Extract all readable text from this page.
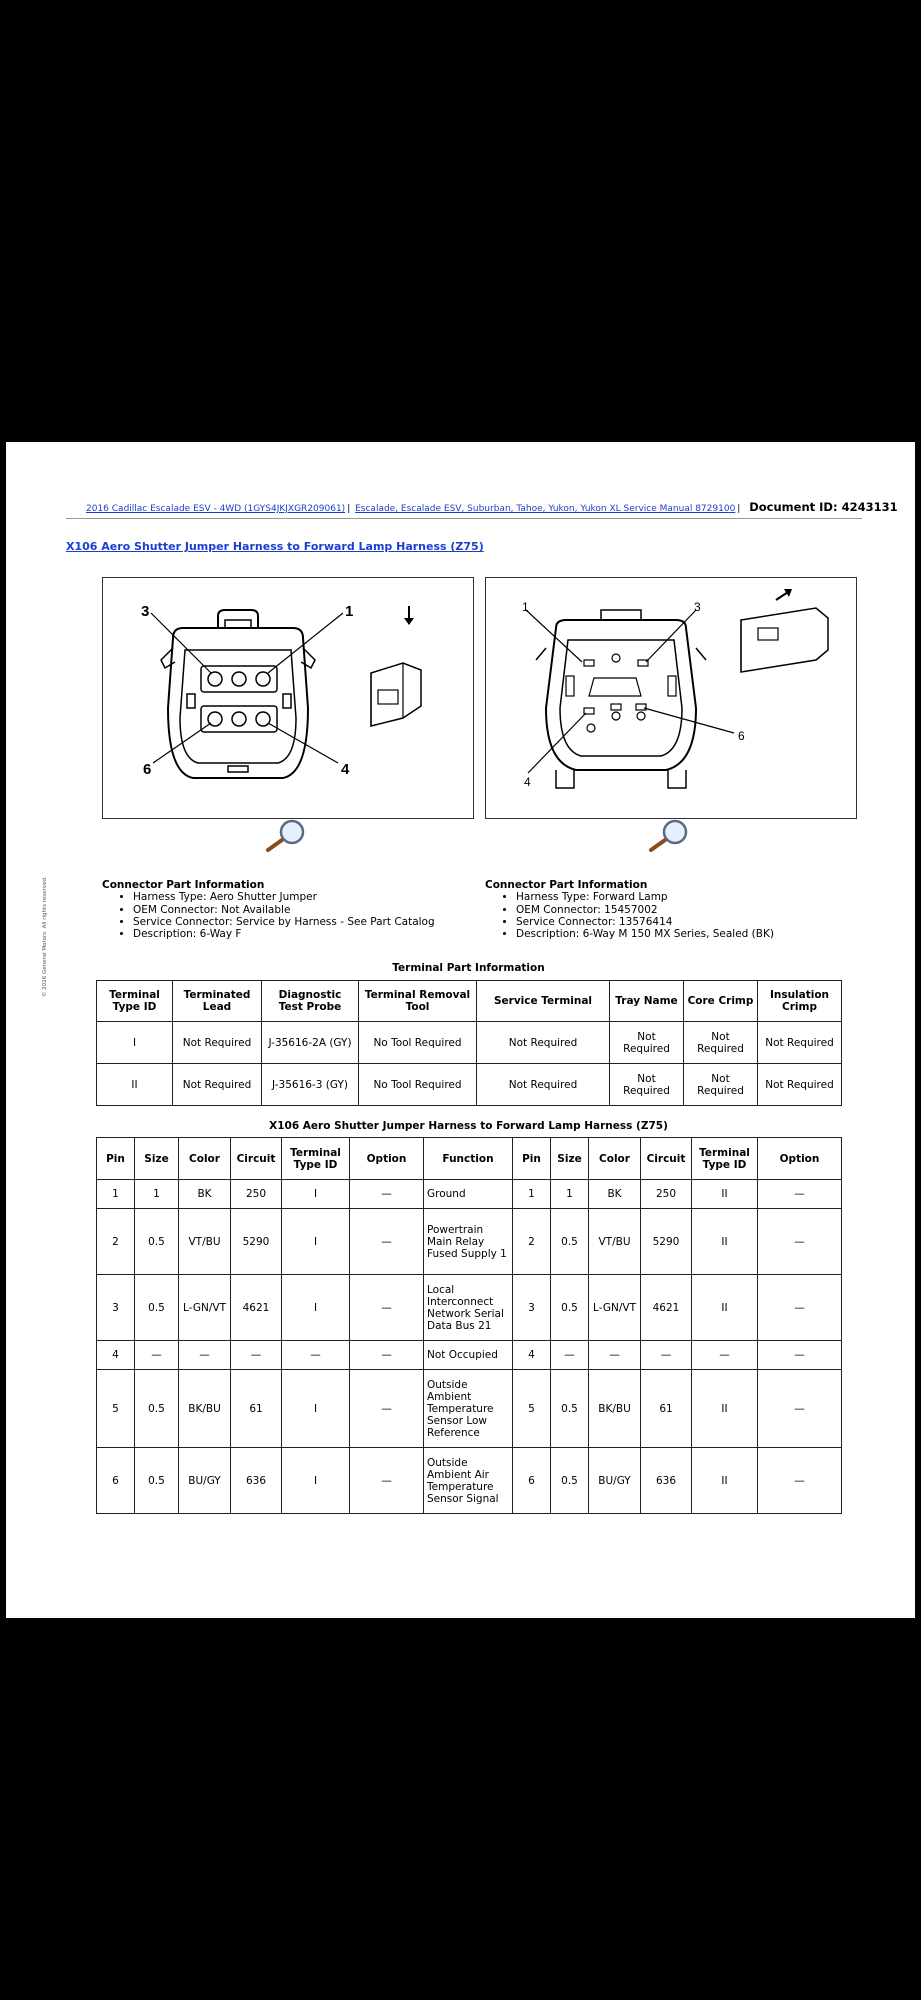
2016 Cadillac Escalade ESV - 4WD (1GYS4JKJXGR209061) | Escalade, Escalade ESV, Suburban, Tahoe, Yukon, Yukon XL Service Manual 8729100 | Document ID: 4243131
X106 Aero Shutter Jumper Harness to Forward Lamp Harness (Z75)
© 2026 General Motors. All rights reserved.
3	1
6	4
1	3
6
4
Connector Part Information
• Harness Type: Aero Shutter Jumper
• OEM Connector: Not Available
• Service Connector: Service by Harness - See Part Catalog
• Description: 6-Way F
Connector Part Information
• Harness Type: Forward Lamp
• OEM Connector: 15457002
• Service Connector: 13576414
• Description: 6-Way M 150 MX Series, Sealed (BK)
Terminal Part Information
Terminal Type ID	Terminated Lead	Diagnostic Test Probe	Terminal Removal Tool	Service Terminal	Tray Name	Core Crimp	Insulation Crimp
I	Not Required	J-35616-2A (GY)	No Tool Required	Not Required	Not Required	Not Required	Not Required
II	Not Required	J-35616-3 (GY)	No Tool Required	Not Required	Not Required	Not Required	Not Required
X106 Aero Shutter Jumper Harness to Forward Lamp Harness (Z75)
Pin	Size	Color	Circuit	Terminal Type ID	Option	Function	Pin	Size	Color	Circuit	Terminal Type ID	Option
1	1	BK	250	I	—	Ground	1	1	BK	250	II	—
2	0.5	VT/BU	5290	I	—	Powertrain Main Relay Fused Supply 1	2	0.5	VT/BU	5290	II	—
3	0.5	L-GN/VT	4621	I	—	Local Interconnect Network Serial Data Bus 21	3	0.5	L-GN/VT	4621	II	—
4	—	—	—	—	—	Not Occupied	4	—	—	—	—	—
5	0.5	BK/BU	61	I	—	Outside Ambient Temperature Sensor Low Reference	5	0.5	BK/BU	61	II	—
6	0.5	BU/GY	636	I	—	Outside Ambient Air Temperature Sensor Signal	6	0.5	BU/GY	636	II	—
